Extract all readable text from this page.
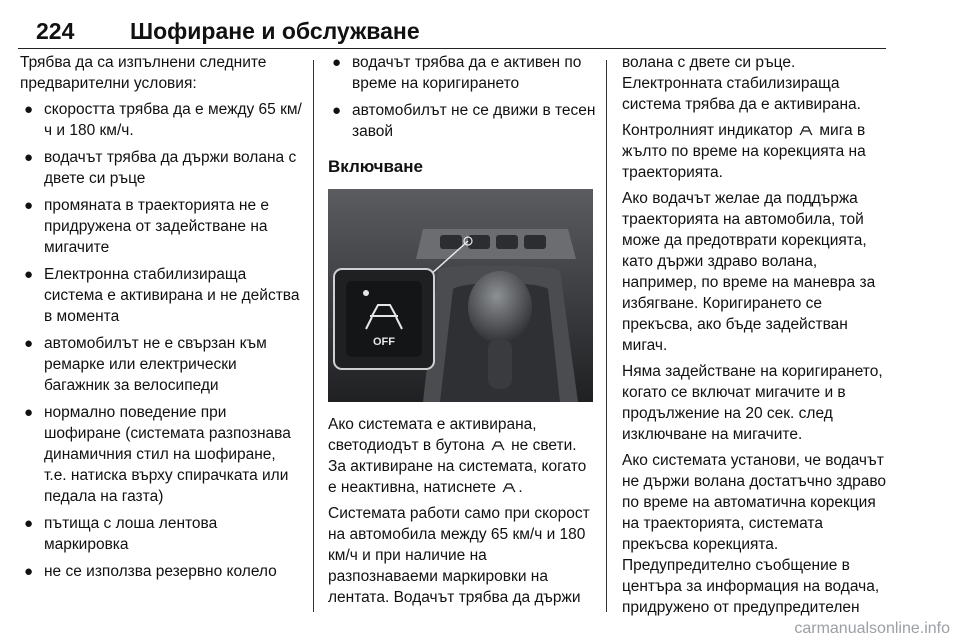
224 Шофиране и обслужване

Трябва да са изпълнени следните предварителни условия:

● скоростта трябва да е между 65 км/ч и 180 км/ч.
● водачът трябва да държи волана с двете си ръце
● промяната в траекторията не е придружена от задействане на мигачите
● Електронна стабилизираща система е активирана и не действа в момента
● автомобилът не е свързан към ремарке или електрически багажник за велосипеди
● нормално поведение при шофиране (системата разпознава динамичния стил на шофиране, т.е. натиска върху спирачката или педала на газта)
● пътища с лоша лентова маркировка
● не се използва резервно колело
● водачът трябва да е активен по време на коригирането
● автомобилът не се движи в тесен завой
Включване
OFF

Ако системата е активирана, светодиодът в бутона не свети. За активиране на системата, когато е неактивна, натиснете .

Системата работи само при скорост на автомобила между 65 км/ч и 180 км/ч и при наличие на разпознаваеми маркировки на лентата. Водачът трябва да държи

волана с двете си ръце. Електронната стабилизираща система трябва да е активирана.

Контролният индикатор мига в жълто по време на корекцията на траекторията.

Ако водачът желае да поддържа траекторията на автомобила, той може да предотврати корекцията, като държи здраво волана, например, по време на маневра за избягване. Коригирането се прекъсва, ако бъде задействан мигач.

Няма задействане на коригирането, когато се включат мигачите и в продължение на 20 сек. след изключване на мигачите.

Ако системата установи, че водачът не държи волана достатъчно здраво по време на автоматична корекция на траекторията, системата прекъсва корекцията. Предупредително съобщение в центъра за информация на водача, придружено от предупредителен

carmanualsonline.info
